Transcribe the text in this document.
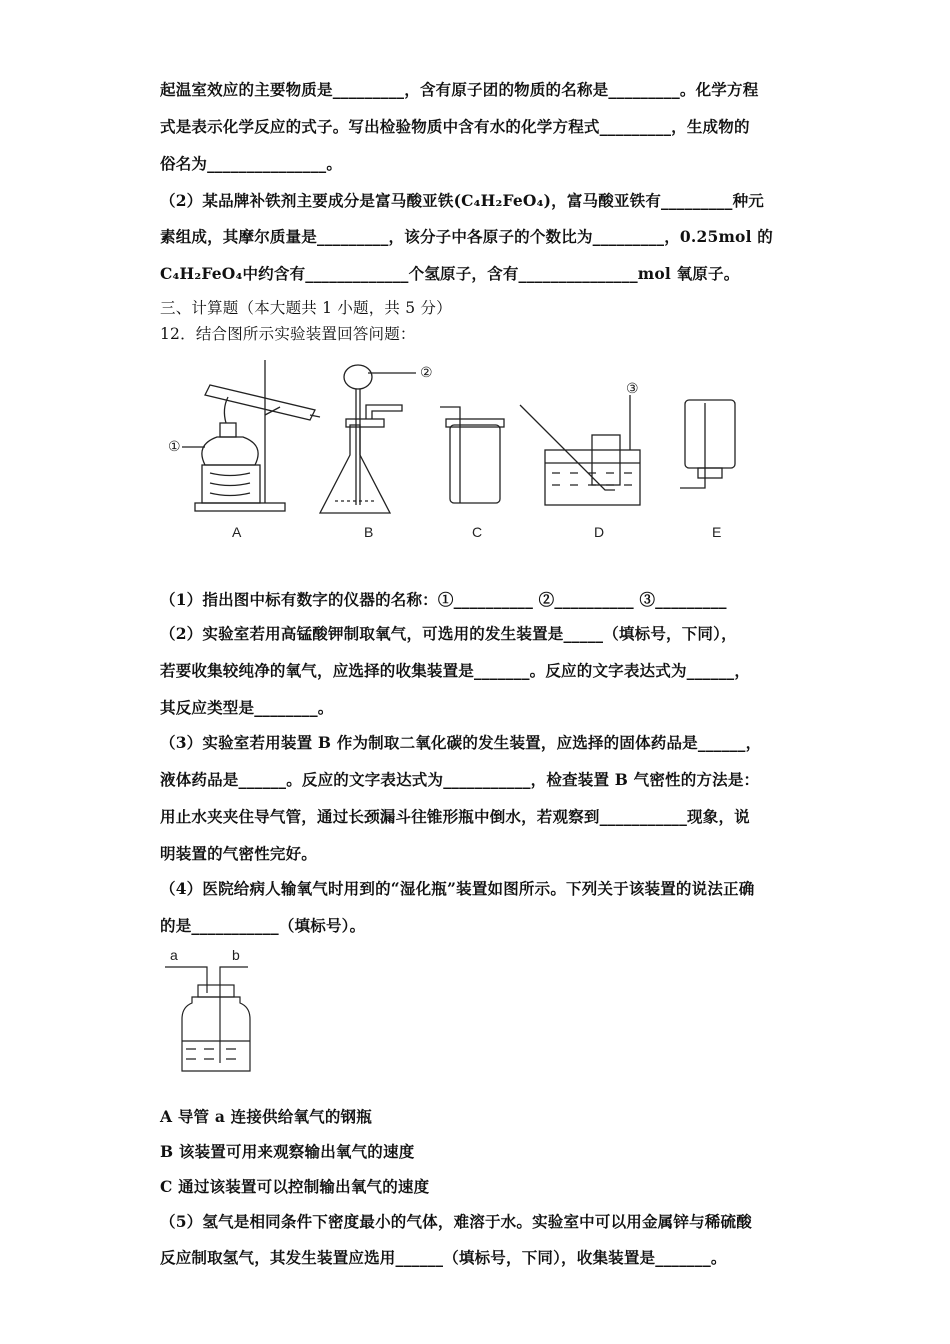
起温室效应的主要物质是_________，含有原子团的物质的名称是_________。化学方程
式是表示化学反应的式子。写出检验物质中含有水的化学方程式_________，生成物的
俗名为_______________。
（2）某品牌补铁剂主要成分是富马酸亚铁(C₄H₂FeO₄)，富马酸亚铁有_________种元
素组成，其摩尔质量是_________，该分子中各原子的个数比为_________，0.25mol 的
C₄H₂FeO₄中约含有_____________个氢原子，含有_______________mol 氧原子。
三、计算题（本大题共 1 小题，共 5 分）
12．结合图所示实验装置回答问题：
①
②
③
A	B	C	D	E
（1）指出图中标有数字的仪器的名称：①__________ ②__________ ③_________
（2）实验室若用高锰酸钾制取氧气，可选用的发生装置是_____（填标号，下同），
若要收集较纯净的氧气，应选择的收集装置是_______。反应的文字表达式为______，
其反应类型是________。
（3）实验室若用装置 B 作为制取二氧化碳的发生装置，应选择的固体药品是______，
液体药品是______。反应的文字表达式为___________，检查装置 B 气密性的方法是：
用止水夹夹住导气管，通过长颈漏斗往锥形瓶中倒水，若观察到___________现象，说
明装置的气密性完好。
（4）医院给病人输氧气时用到的“湿化瓶”装置如图所示。下列关于该装置的说法正确
的是___________（填标号）。
a	b
A 导管 a 连接供给氧气的钢瓶
B 该装置可用来观察输出氧气的速度
C 通过该装置可以控制输出氧气的速度
（5）氢气是相同条件下密度最小的气体，难溶于水。实验室中可以用金属锌与稀硫酸
反应制取氢气，其发生装置应选用______（填标号，下同），收集装置是_______。
